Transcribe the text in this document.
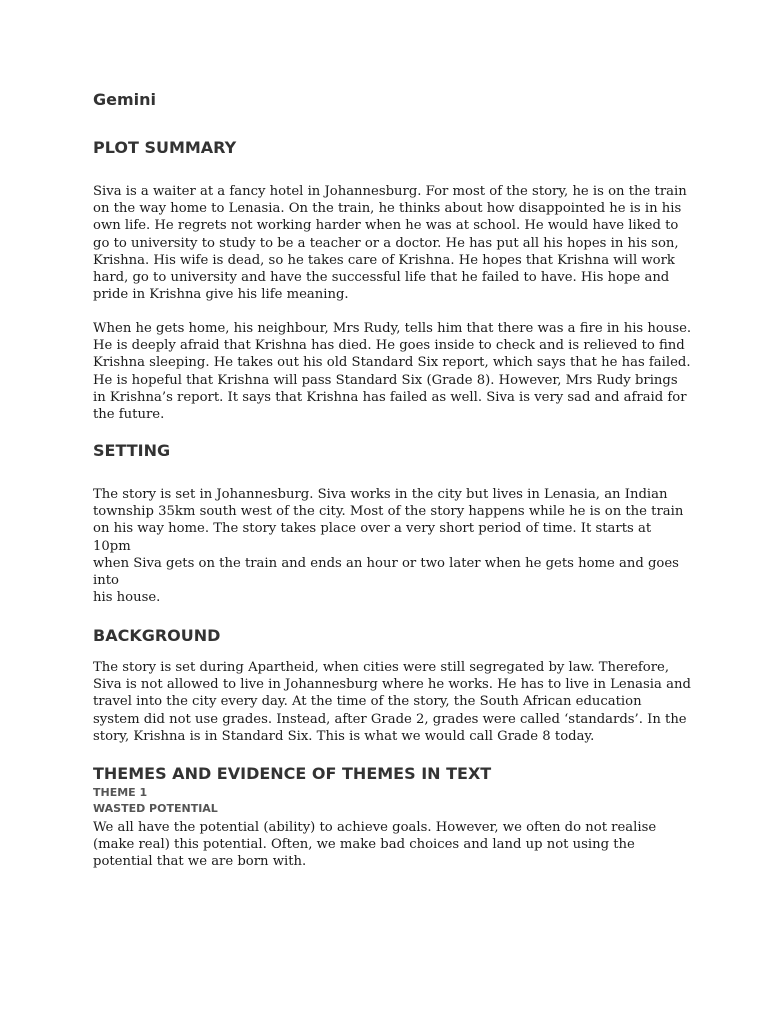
Gemini
PLOT SUMMARY
Siva is a waiter at a fancy hotel in Johannesburg. For most of the story, he is on the train
on the way home to Lenasia. On the train, he thinks about how disappointed he is in his
own life. He regrets not working harder when he was at school. He would have liked to
go to university to study to be a teacher or a doctor. He has put all his hopes in his son,
Krishna. His wife is dead, so he takes care of Krishna. He hopes that Krishna will work
hard, go to university and have the successful life that he failed to have. His hope and
pride in Krishna give his life meaning.
When he gets home, his neighbour, Mrs Rudy, tells him that there was a fire in his house.
He is deeply afraid that Krishna has died. He goes inside to check and is relieved to find
Krishna sleeping. He takes out his old Standard Six report, which says that he has failed.
He is hopeful that Krishna will pass Standard Six (Grade 8). However, Mrs Rudy brings
in Krishna’s report. It says that Krishna has failed as well. Siva is very sad and afraid for
the future.
SETTING
The story is set in Johannesburg. Siva works in the city but lives in Lenasia, an Indian
township 35km south west of the city. Most of the story happens while he is on the train
on his way home. The story takes place over a very short period of time. It starts at
10pm
when Siva gets on the train and ends an hour or two later when he gets home and goes
into
his house.
BACKGROUND
The story is set during Apartheid, when cities were still segregated by law. Therefore,
Siva is not allowed to live in Johannesburg where he works. He has to live in Lenasia and
travel into the city every day. At the time of the story, the South African education
system did not use grades. Instead, after Grade 2, grades were called ‘standards’. In the
story, Krishna is in Standard Six. This is what we would call Grade 8 today.
THEMES AND EVIDENCE OF THEMES IN TEXT
THEME 1
WASTED POTENTIAL
We all have the potential (ability) to achieve goals. However, we often do not realise
(make real) this potential. Often, we make bad choices and land up not using the
potential that we are born with.
